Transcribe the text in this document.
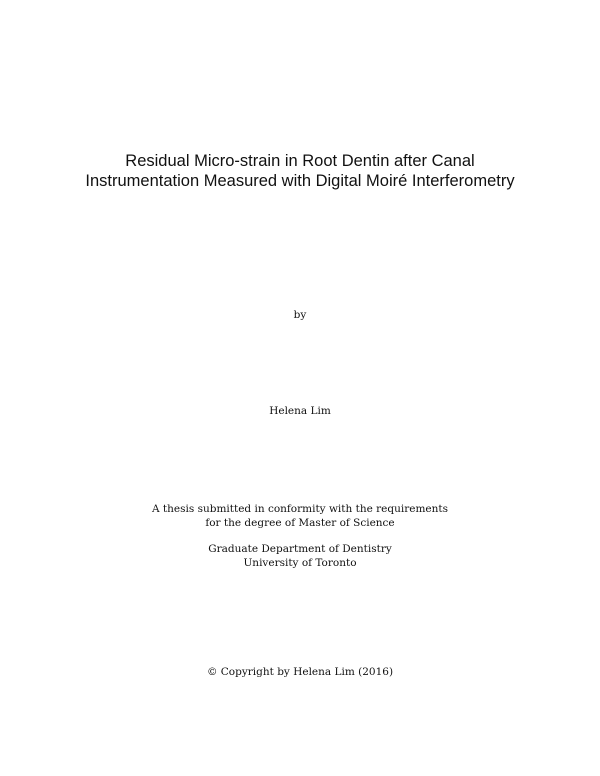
Residual Micro-strain in Root Dentin after Canal
Instrumentation Measured with Digital Moiré Interferometry
by
Helena Lim
A thesis submitted in conformity with the requirements
for the degree of Master of Science
Graduate Department of Dentistry
University of Toronto
© Copyright by Helena Lim (2016)
